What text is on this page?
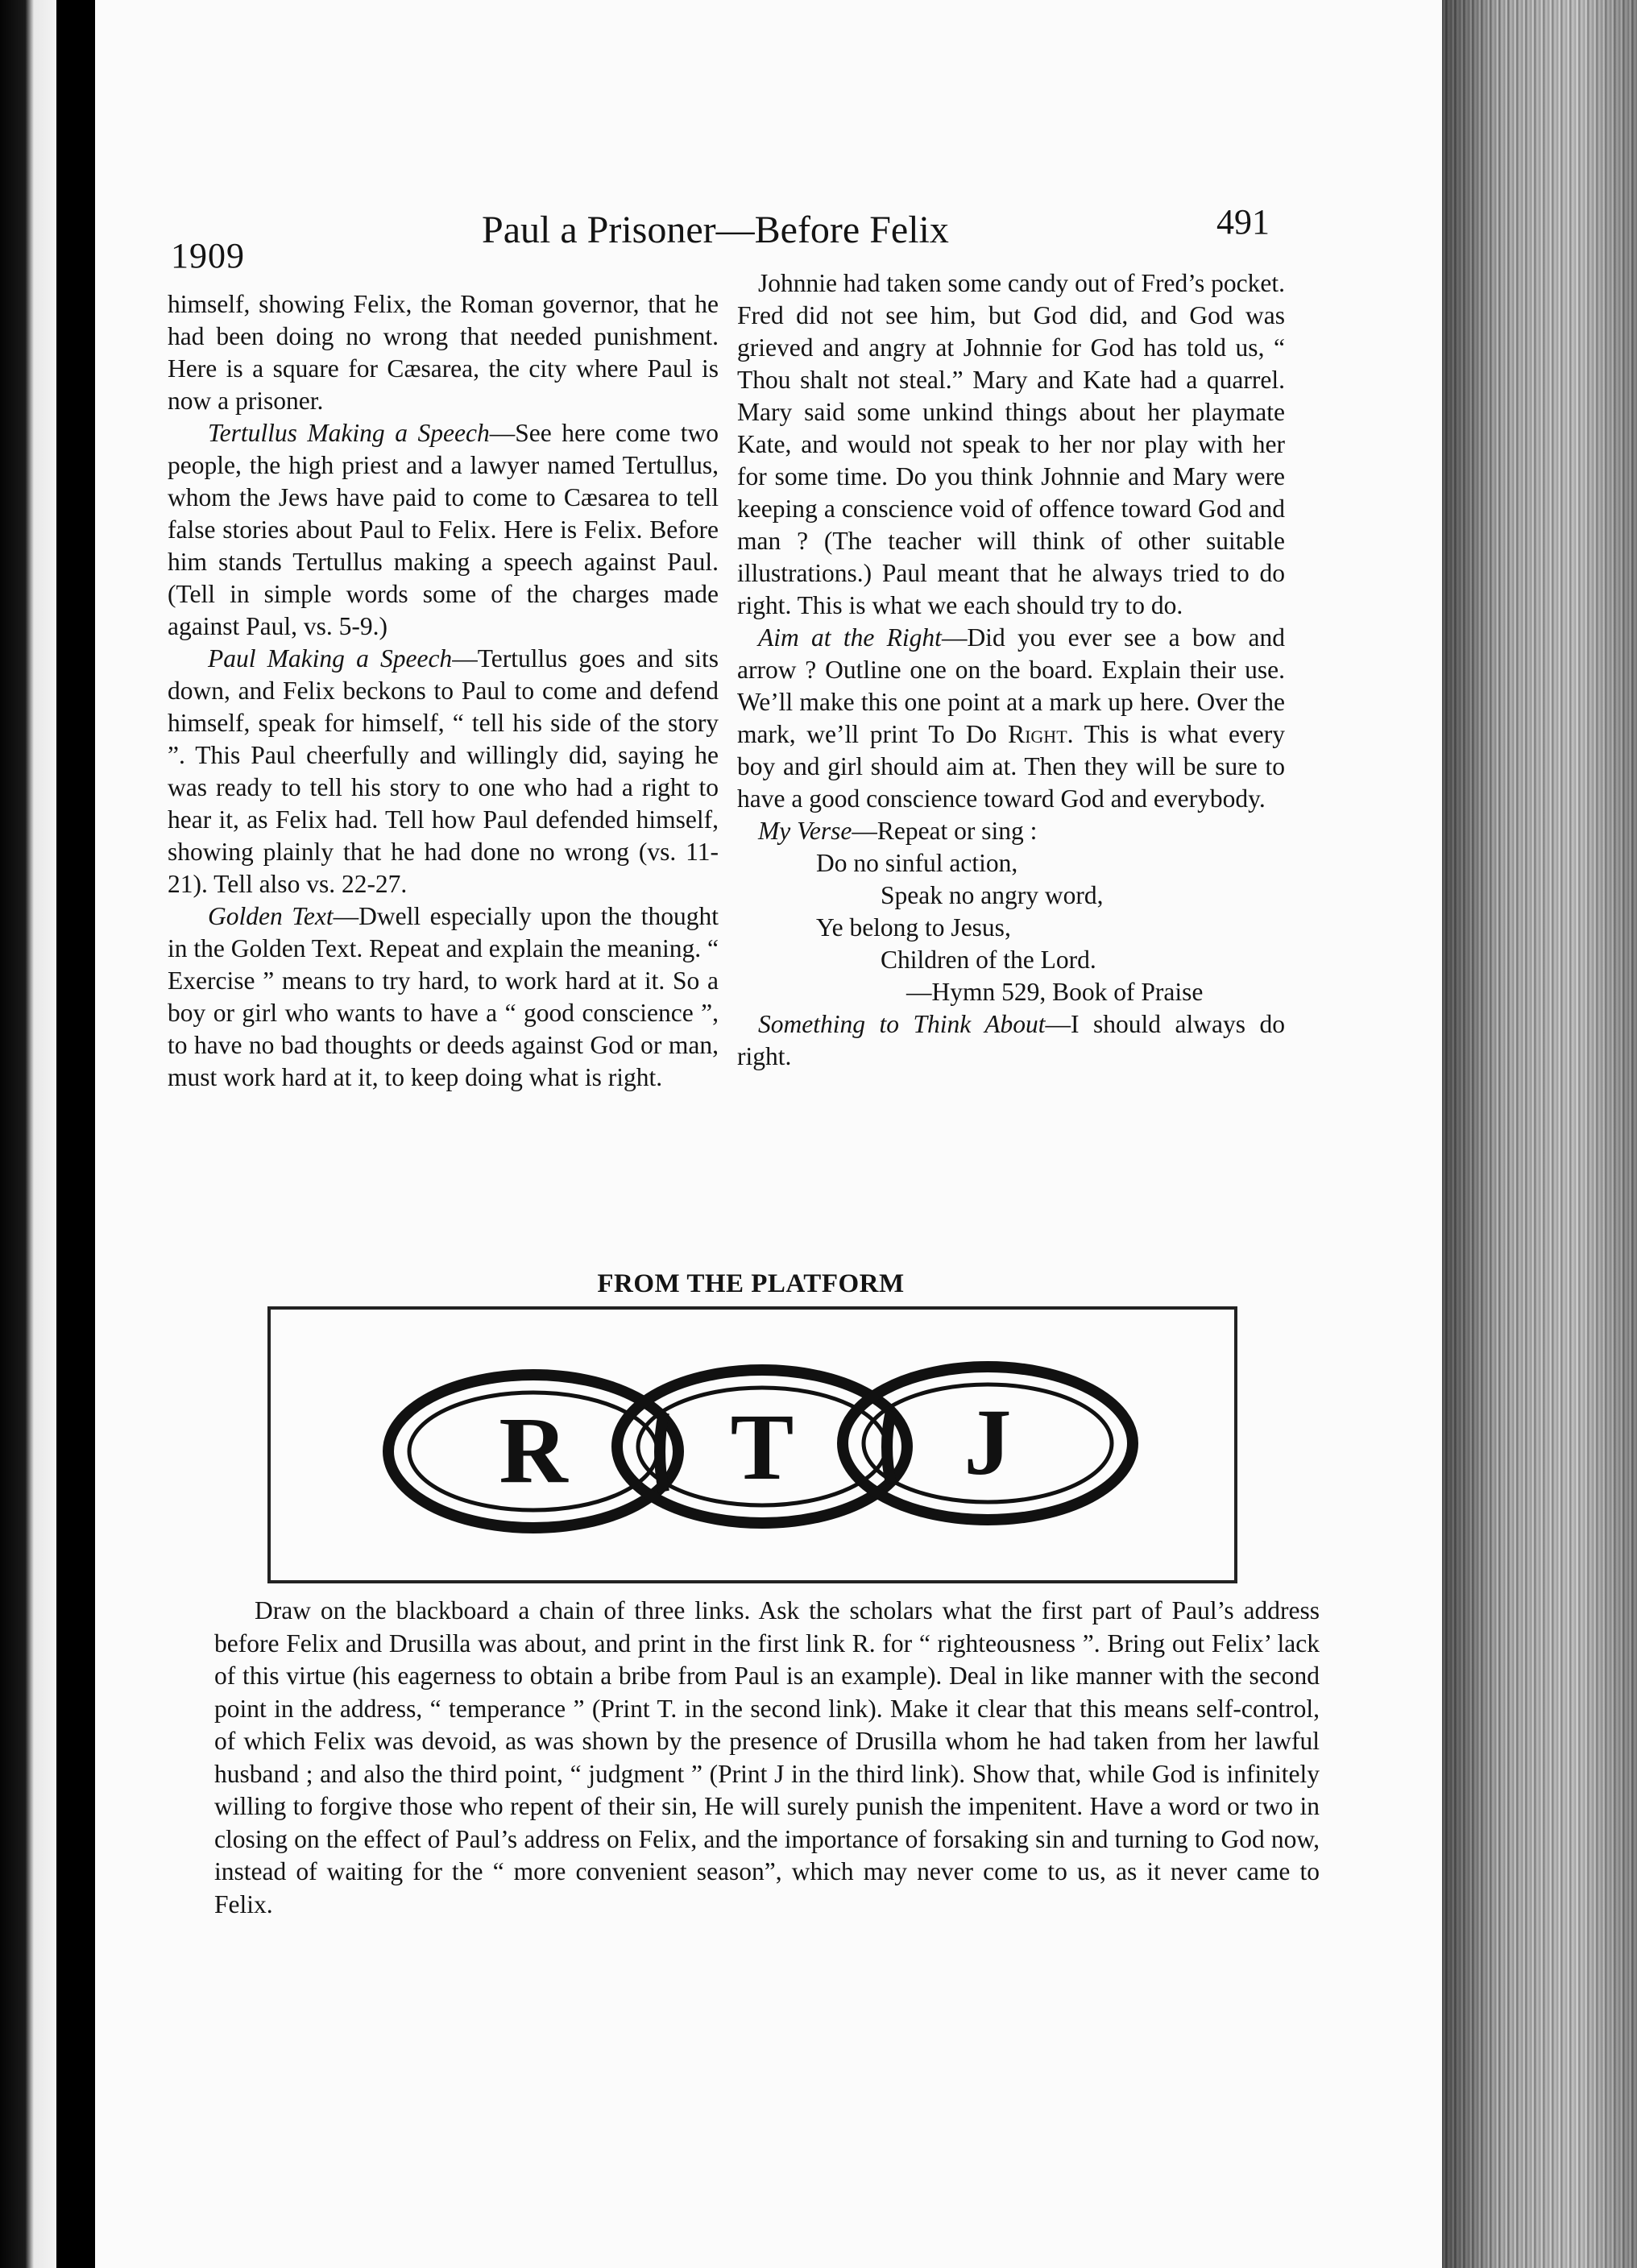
1909
Paul a Prisoner—Before Felix	491

himself, showing Felix, the Roman governor, that he had been doing no wrong that needed punishment. Here is a square for Cæsarea, the city where Paul is now a prisoner.

Tertullus Making a Speech—See here come two people, the high priest and a lawyer named Tertullus, whom the Jews have paid to come to Cæsarea to tell false stories about Paul to Felix. Here is Felix. Before him stands Tertullus making a speech against Paul. (Tell in simple words some of the charges made against Paul, vs. 5-9.)

Paul Making a Speech—Tertullus goes and sits down, and Felix beckons to Paul to come and defend himself, speak for himself, “ tell his side of the story ”. This Paul cheerfully and willingly did, saying he was ready to tell his story to one who had a right to hear it, as Felix had. Tell how Paul defended himself, showing plainly that he had done no wrong (vs. 11-21). Tell also vs. 22-27.

Golden Text—Dwell especially upon the thought in the Golden Text. Repeat and explain the meaning. “ Exercise ” means to try hard, to work hard at it. So a boy or girl who wants to have a “ good conscience ”, to have no bad thoughts or deeds against God or man, must work hard at it, to keep doing what is right.

Johnnie had taken some candy out of Fred’s pocket. Fred did not see him, but God did, and God was grieved and angry at Johnnie for God has told us, “ Thou shalt not steal.” Mary and Kate had a quarrel. Mary said some unkind things about her playmate Kate, and would not speak to her nor play with her for some time. Do you think Johnnie and Mary were keeping a conscience void of offence toward God and man ? (The teacher will think of other suitable illustrations.) Paul meant that he always tried to do right. This is what we each should try to do.

Aim at the Right—Did you ever see a bow and arrow ? Outline one on the board. Explain their use. We’ll make this one point at a mark up here. Over the mark, we’ll print To Do Right. This is what every boy and girl should aim at. Then they will be sure to have a good conscience toward God and everybody.

My Verse—Repeat or sing :

Do no sinful action,
Speak no angry word,
Ye belong to Jesus,
Children of the Lord.
—Hymn 529, Book of Praise

Something to Think About—I should always do right.

FROM THE PLATFORM
R T J

Draw on the blackboard a chain of three links. Ask the scholars what the first part of Paul’s address before Felix and Drusilla was about, and print in the first link R. for “ righteousness ”. Bring out Felix’ lack of this virtue (his eagerness to obtain a bribe from Paul is an example). Deal in like manner with the second point in the address, “ temperance ” (Print T. in the second link). Make it clear that this means self-control, of which Felix was devoid, as was shown by the presence of Drusilla whom he had taken from her lawful husband ; and also the third point, “ judgment ” (Print J in the third link). Show that, while God is infinitely willing to forgive those who repent of their sin, He will surely punish the impenitent. Have a word or two in closing on the effect of Paul’s address on Felix, and the importance of forsaking sin and turning to God now, instead of waiting for the “ more convenient season”, which may never come to us, as it never came to Felix.
